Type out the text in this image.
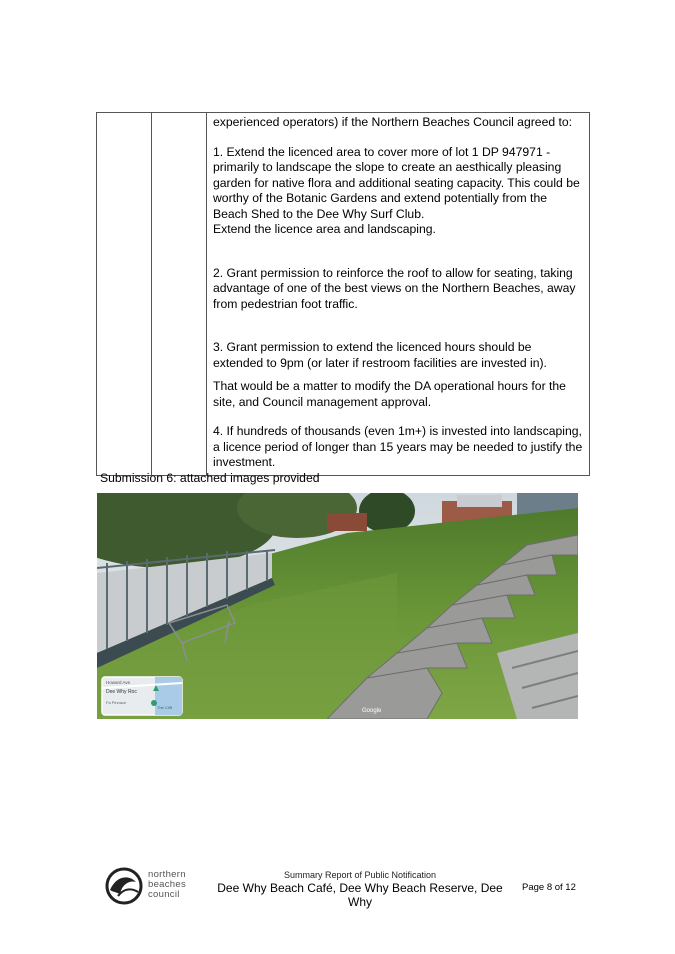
experienced operators) if the Northern Beaches Council agreed to:

1. Extend the licenced area to cover more of lot 1 DP 947971 - primarily to landscape the slope to create an aesthically pleasing garden for native flora and additional seating capacity. This could be worthy of the Botanic Gardens and extend potentially from the Beach Shed to the Dee Why Surf Club.

Extend the licence area and landscaping.

2. Grant permission to reinforce the roof to allow for seating, taking advantage of one of the best views on the Northern Beaches, away from pedestrian foot traffic.

3. Grant permission to extend the licenced hours should be extended to 9pm (or later if restroom facilities are invested in).

That would be a matter to modify the DA operational hours for the site, and Council management approval.

4. If hundreds of thousands (even 1m+) is invested into landscaping, a licence period of longer than 15 years may be needed to justify the investment.

Submission 6: attached images provided
Howard Ave
Dee Why Roc
Fa Pinnace
The Cliff
Google
northern
beaches
council
Summary Report of Public Notification
Dee Why Beach Café, Dee Why Beach Reserve, Dee Why
Page 8 of 12
